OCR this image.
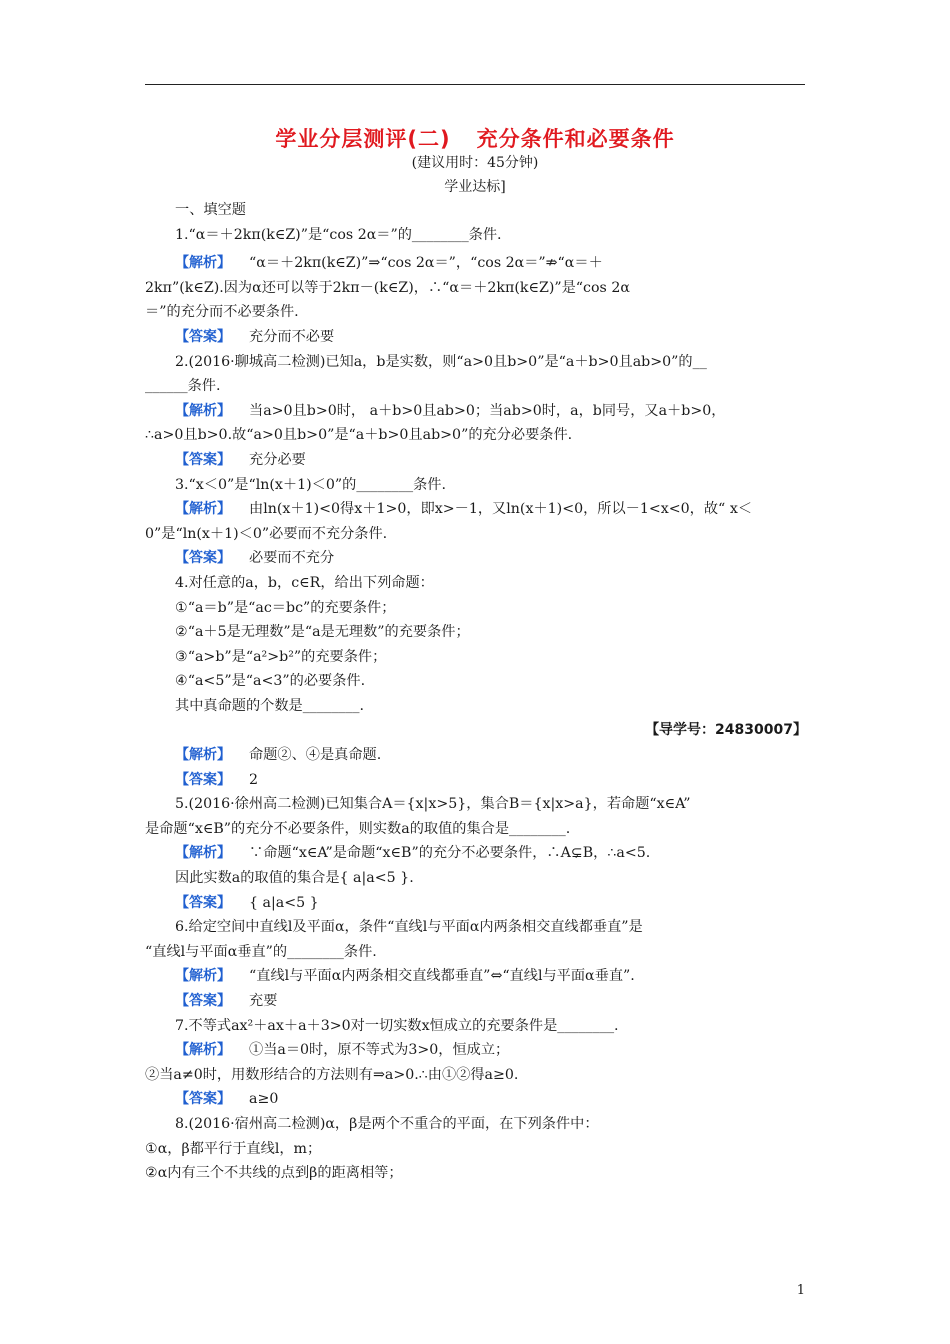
学业分层测评(二) 充分条件和必要条件
(建议用时：45分钟)
学业达标]

一、填空题

1.“α＝＋2kπ(k∈Z)”是“cos 2α＝”的________条件.

【解析】 “α＝＋2kπ(k∈Z)”⇒“cos 2α＝”，“cos 2α＝”⇏“α＝＋

2kπ”(k∈Z).因为α还可以等于2kπ－(k∈Z)，∴“α＝＋2kπ(k∈Z)”是“cos 2α

＝”的充分而不必要条件.

【答案】 充分而不必要

2.(2016·聊城高二检测)已知a，b是实数，则“a>0且b>0”是“a＋b>0且ab>0”的__

______条件.

【解析】 当a>0且b>0时， a＋b>0且ab>0；当ab>0时，a，b同号，又a＋b>0，

∴a>0且b>0.故“a>0且b>0”是“a＋b>0且ab>0”的充分必要条件.

【答案】 充分必要

3.“x＜0”是“ln(x＋1)＜0”的________条件.

【解析】 由ln(x＋1)<0得x＋1>0，即x>－1，又ln(x＋1)<0，所以－1<x<0，故“ x＜

0”是“ln(x＋1)＜0”必要而不充分条件.

【答案】 必要而不充分

4.对任意的a，b，c∈R，给出下列命题：

①“a＝b”是“ac＝bc”的充要条件；

②“a＋5是无理数”是“a是无理数”的充要条件；

③“a>b”是“a²>b²”的充要条件；

④“a<5”是“a<3”的必要条件.

其中真命题的个数是________.

【导学号：24830007】

【解析】 命题②、④是真命题.

【答案】 2

5.(2016·徐州高二检测)已知集合A＝{x|x>5}，集合B＝{x|x>a}，若命题“x∈A”

是命题“x∈B”的充分不必要条件，则实数a的取值的集合是________.

【解析】 ∵命题“x∈A”是命题“x∈B”的充分不必要条件，∴A⊊B，∴a<5.

因此实数a的取值的集合是{ a|a<5 }.

【答案】 { a|a<5 }

6.给定空间中直线l及平面α，条件“直线l与平面α内两条相交直线都垂直”是

“直线l与平面α垂直”的________条件.

【解析】 “直线l与平面α内两条相交直线都垂直”⇔“直线l与平面α垂直”.

【答案】 充要

7.不等式ax²＋ax＋a＋3>0对一切实数x恒成立的充要条件是________.

【解析】 ①当a＝0时，原不等式为3>0，恒成立；

②当a≠0时，用数形结合的方法则有⇒a>0.∴由①②得a≥0.

【答案】 a≥0

8.(2016·宿州高二检测)α，β是两个不重合的平面，在下列条件中：

①α，β都平行于直线l，m；

②α内有三个不共线的点到β的距离相等；

1
